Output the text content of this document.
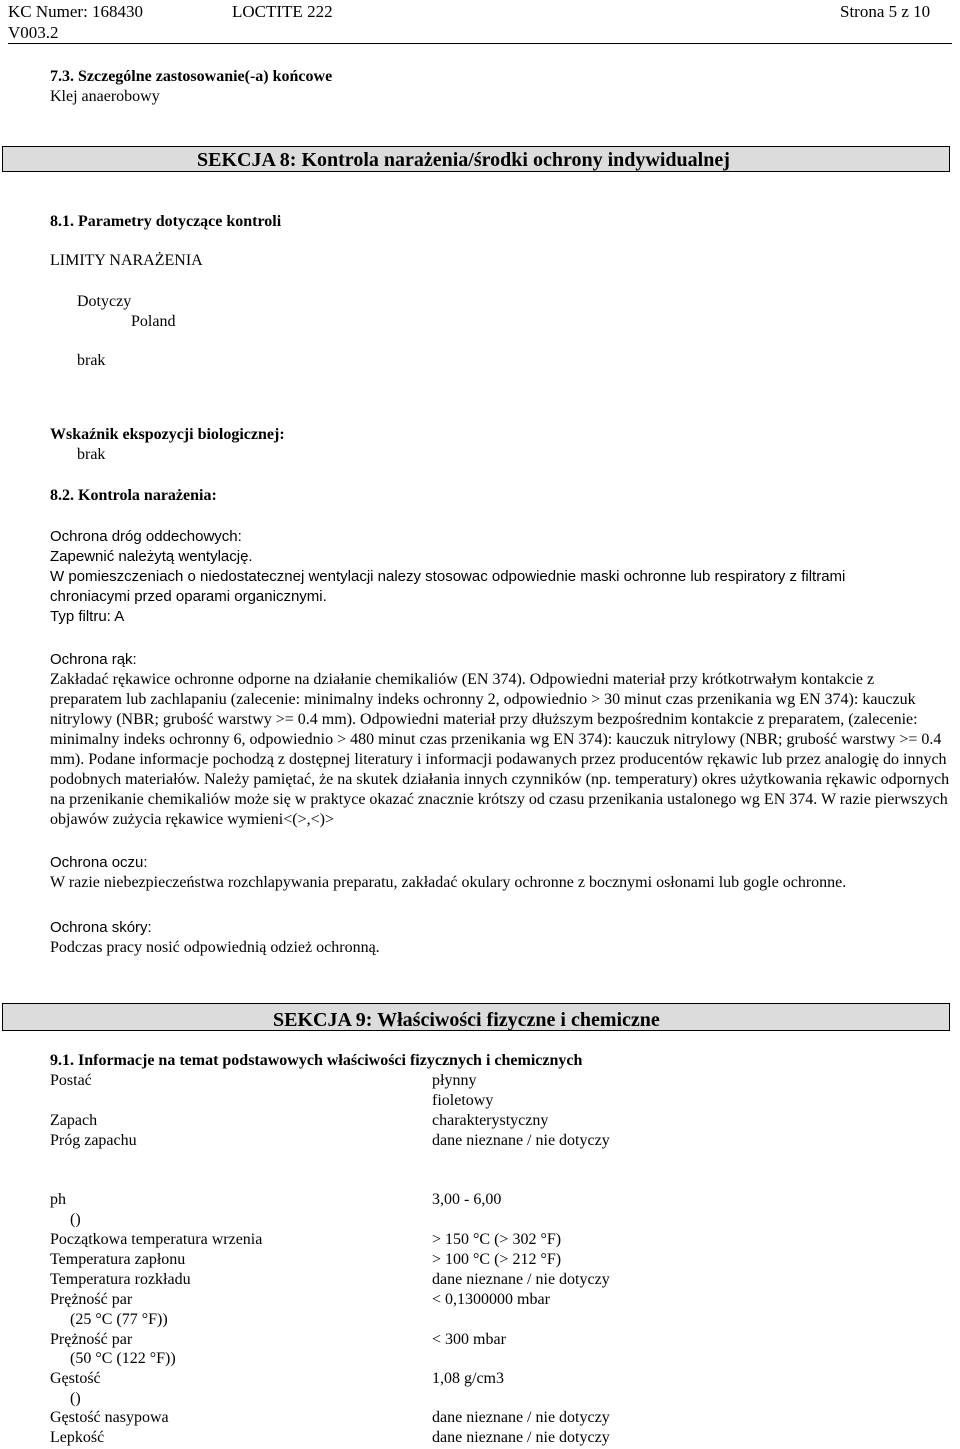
KC Numer: 168430	LOCTITE 222	Strona 5 z 10
V003.2
7.3. Szczególne zastosowanie(-a) końcowe
Klej anaerobowy
SEKCJA 8: Kontrola narażenia/środki ochrony indywidualnej
8.1. Parametry dotyczące kontroli
LIMITY NARAŻENIA
Dotyczy
Poland
brak
Wskaźnik ekspozycji biologicznej:
brak
8.2. Kontrola narażenia:
Ochrona dróg oddechowych:
Zapewnić należytą wentylację.
W pomieszczeniach o niedostatecznej wentylacji nalezy stosowac odpowiednie maski ochronne lub respiratory z filtrami
chroniacymi przed oparami organicznymi.
Typ filtru: A
Ochrona rąk:
Zakładać rękawice ochronne odporne na działanie chemikaliów (EN 374). Odpowiedni materiał przy krótkotrwałym kontakcie z preparatem lub zachlapaniu (zalecenie: minimalny indeks ochronny 2, odpowiednio > 30 minut czas przenikania wg EN 374): kauczuk nitrylowy (NBR; grubość warstwy >= 0.4 mm). Odpowiedni materiał przy dłuższym bezpośrednim kontakcie z preparatem, (zalecenie: minimalny indeks ochronny 6, odpowiednio > 480 minut czas przenikania wg EN 374): kauczuk nitrylowy (NBR; grubość warstwy >= 0.4 mm). Podane informacje pochodzą z dostępnej literatury i informacji podawanych przez producentów rękawic lub przez analogię do innych podobnych materiałów. Należy pamiętać, że na skutek działania innych czynników (np. temperatury) okres użytkowania rękawic odpornych na przenikanie chemikaliów może się w praktyce okazać znacznie krótszy od czasu przenikania ustalonego wg EN 374. W razie pierwszych objawów zużycia rękawice wymieni<(>,<)>
Ochrona oczu:
W razie niebezpieczeństwa rozchlapywania preparatu, zakładać okulary ochronne z bocznymi osłonami lub gogle ochronne.
Ochrona skóry:
Podczas pracy nosić odpowiednią odzież ochronną.
SEKCJA 9: Właściwości fizyczne i chemiczne
9.1. Informacje na temat podstawowych właściwości fizycznych i chemicznych
Postać	płynny
fioletowy
Zapach	charakterystyczny
Próg zapachu	dane nieznane / nie dotyczy
ph	3,00 - 6,00
()
Początkowa temperatura wrzenia	> 150 °C (> 302 °F)
Temperatura zapłonu	> 100 °C (> 212 °F)
Temperatura rozkładu	dane nieznane / nie dotyczy
Prężność par	< 0,1300000 mbar
(25 °C (77 °F))
Prężność par	< 300 mbar
(50 °C (122 °F))
Gęstość	1,08 g/cm3
()
Gęstość nasypowa	dane nieznane / nie dotyczy
Lepkość	dane nieznane / nie dotyczy
